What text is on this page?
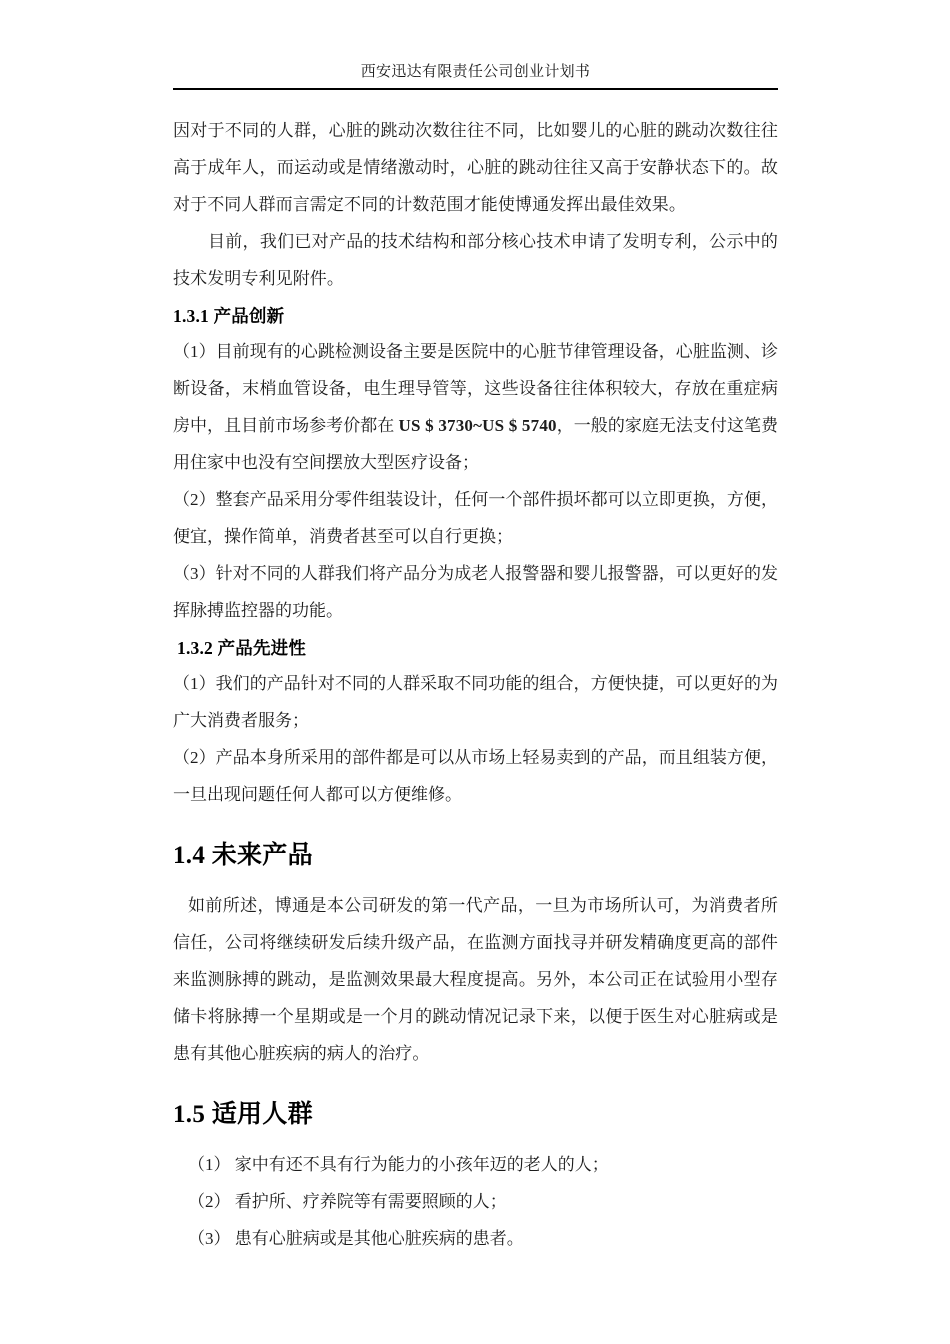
西安迅达有限责任公司创业计划书

因对于不同的人群，心脏的跳动次数往往不同，比如婴儿的心脏的跳动次数往往高于成年人，而运动或是情绪激动时，心脏的跳动往往又高于安静状态下的。故对于不同人群而言需定不同的计数范围才能使博通发挥出最佳效果。

目前，我们已对产品的技术结构和部分核心技术申请了发明专利，公示中的技术发明专利见附件。

1.3.1 产品创新

（1）目前现有的心跳检测设备主要是医院中的心脏节律管理设备，心脏监测、诊断设备，末梢血管设备，电生理导管等，这些设备往往体积较大，存放在重症病房中，且目前市场参考价都在 US $ 3730~US $ 5740，一般的家庭无法支付这笔费用住家中也没有空间摆放大型医疗设备；

（2）整套产品采用分零件组装设计，任何一个部件损坏都可以立即更换，方便，便宜，操作简单，消费者甚至可以自行更换；

（3）针对不同的人群我们将产品分为成老人报警器和婴儿报警器，可以更好的发挥脉搏监控器的功能。

1.3.2 产品先进性

（1）我们的产品针对不同的人群采取不同功能的组合，方便快捷，可以更好的为广大消费者服务；

（2）产品本身所采用的部件都是可以从市场上轻易卖到的产品，而且组装方便，一旦出现问题任何人都可以方便维修。

1.4 未来产品

如前所述，博通是本公司研发的第一代产品，一旦为市场所认可，为消费者所信任，公司将继续研发后续升级产品，在监测方面找寻并研发精确度更高的部件来监测脉搏的跳动，是监测效果最大程度提高。另外，本公司正在试验用小型存储卡将脉搏一个星期或是一个月的跳动情况记录下来，以便于医生对心脏病或是患有其他心脏疾病的病人的治疗。

1.5 适用人群

（1） 家中有还不具有行为能力的小孩年迈的老人的人；

（2） 看护所、疗养院等有需要照顾的人；

（3） 患有心脏病或是其他心脏疾病的患者。
